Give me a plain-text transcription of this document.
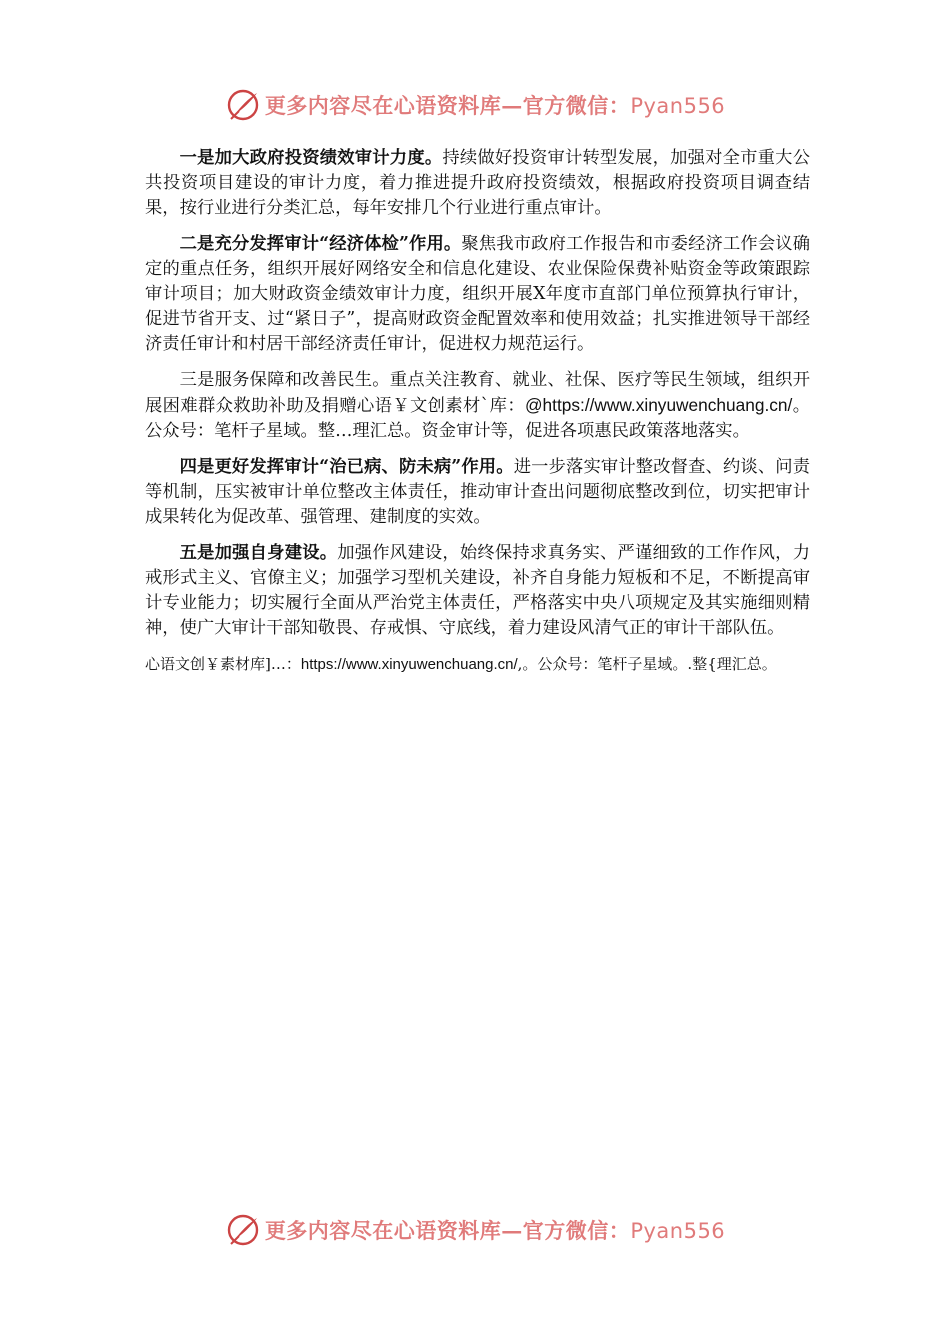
更多内容尽在心语资料库—官方微信：Pyan556

一是加大政府投资绩效审计力度。持续做好投资审计转型发展，加强对全市重大公共投资项目建设的审计力度，着力推进提升政府投资绩效，根据政府投资项目调查结果，按行业进行分类汇总，每年安排几个行业进行重点审计。

二是充分发挥审计“经济体检”作用。聚焦我市政府工作报告和市委经济工作会议确定的重点任务，组织开展好网络安全和信息化建设、农业保险保费补贴资金等政策跟踪审计项目；加大财政资金绩效审计力度，组织开展X年度市直部门单位预算执行审计，促进节省开支、过“紧日子”，提高财政资金配置效率和使用效益；扎实推进领导干部经济责任审计和村居干部经济责任审计，促进权力规范运行。

三是服务保障和改善民生。重点关注教育、就业、社保、医疗等民生领域，组织开展困难群众救助补助及捐赠心语￥文创素材`库：@https://www.xinyuwenchuang.cn/。公众号：笔杆子星域。整…理汇总。资金审计等，促进各项惠民政策落地落实。

四是更好发挥审计“治已病、防未病”作用。进一步落实审计整改督查、约谈、问责等机制，压实被审计单位整改主体责任，推动审计查出问题彻底整改到位，切实把审计成果转化为促改革、强管理、建制度的实效。

五是加强自身建设。加强作风建设，始终保持求真务实、严谨细致的工作作风，力戒形式主义、官僚主义；加强学习型机关建设，补齐自身能力短板和不足，不断提高审计专业能力；切实履行全面从严治党主体责任，严格落实中央八项规定及其实施细则精神，使广大审计干部知敬畏、存戒惧、守底线，着力建设风清气正的审计干部队伍。

心语文创￥素材库]…：https://www.xinyuwenchuang.cn/,。公众号：笔杆子星域。.整{理汇总。

更多内容尽在心语资料库—官方微信：Pyan556
